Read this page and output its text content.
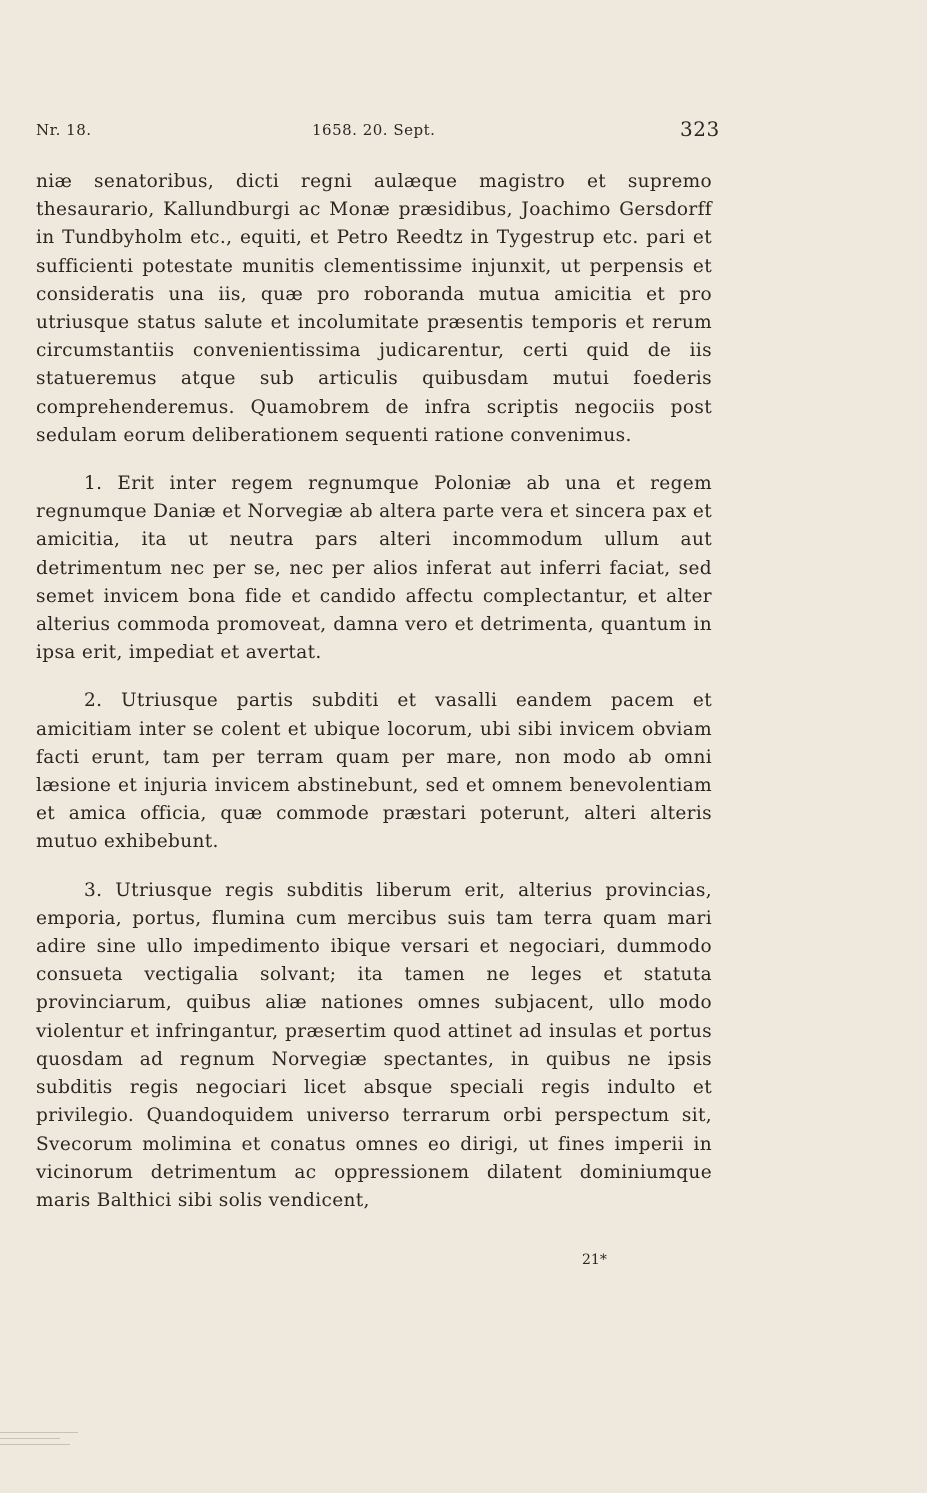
Nr. 18.	1658. 20. Sept.	323

niæ senatoribus, dicti regni aulæque magistro et supremo thesaurario, Kallundburgi ac Monæ præsidibus, Joachimo Gersdorff in Tundbyholm etc., equiti, et Petro Reedtz in Tygestrup etc. pari et sufficienti potestate munitis clementissime injunxit, ut perpensis et consideratis una iis, quæ pro roboranda mutua amicitia et pro utriusque status salute et incolumitate præsentis temporis et rerum circumstantiis convenientissima judicarentur, certi quid de iis statueremus atque sub articulis quibusdam mutui foederis comprehenderemus. Quamobrem de infra scriptis negociis post sedulam eorum deliberationem sequenti ratione convenimus.

1. Erit inter regem regnumque Poloniæ ab una et regem regnumque Daniæ et Norvegiæ ab altera parte vera et sincera pax et amicitia, ita ut neutra pars alteri incommodum ullum aut detrimentum nec per se, nec per alios inferat aut inferri faciat, sed semet invicem bona fide et candido affectu complectantur, et alter alterius commoda promoveat, damna vero et detrimenta, quantum in ipsa erit, impediat et avertat.

2. Utriusque partis subditi et vasalli eandem pacem et amicitiam inter se colent et ubique locorum, ubi sibi invicem obviam facti erunt, tam per terram quam per mare, non modo ab omni læsione et injuria invicem abstinebunt, sed et omnem benevolentiam et amica officia, quæ commode præstari poterunt, alteri alteris mutuo exhibebunt.

3. Utriusque regis subditis liberum erit, alterius provincias, emporia, portus, flumina cum mercibus suis tam terra quam mari adire sine ullo impedimento ibique versari et negociari, dummodo consueta vectigalia solvant; ita tamen ne leges et statuta provinciarum, quibus aliæ nationes omnes subjacent, ullo modo violentur et infringantur, præsertim quod attinet ad insulas et portus quosdam ad regnum Norvegiæ spectantes, in quibus ne ipsis subditis regis negociari licet absque speciali regis indulto et privilegio. Quandoquidem universo terrarum orbi perspectum sit, Svecorum molimina et conatus omnes eo dirigi, ut fines imperii in vicinorum detrimentum ac oppressionem dilatent dominiumque maris Balthici sibi solis vendicent,

21*
